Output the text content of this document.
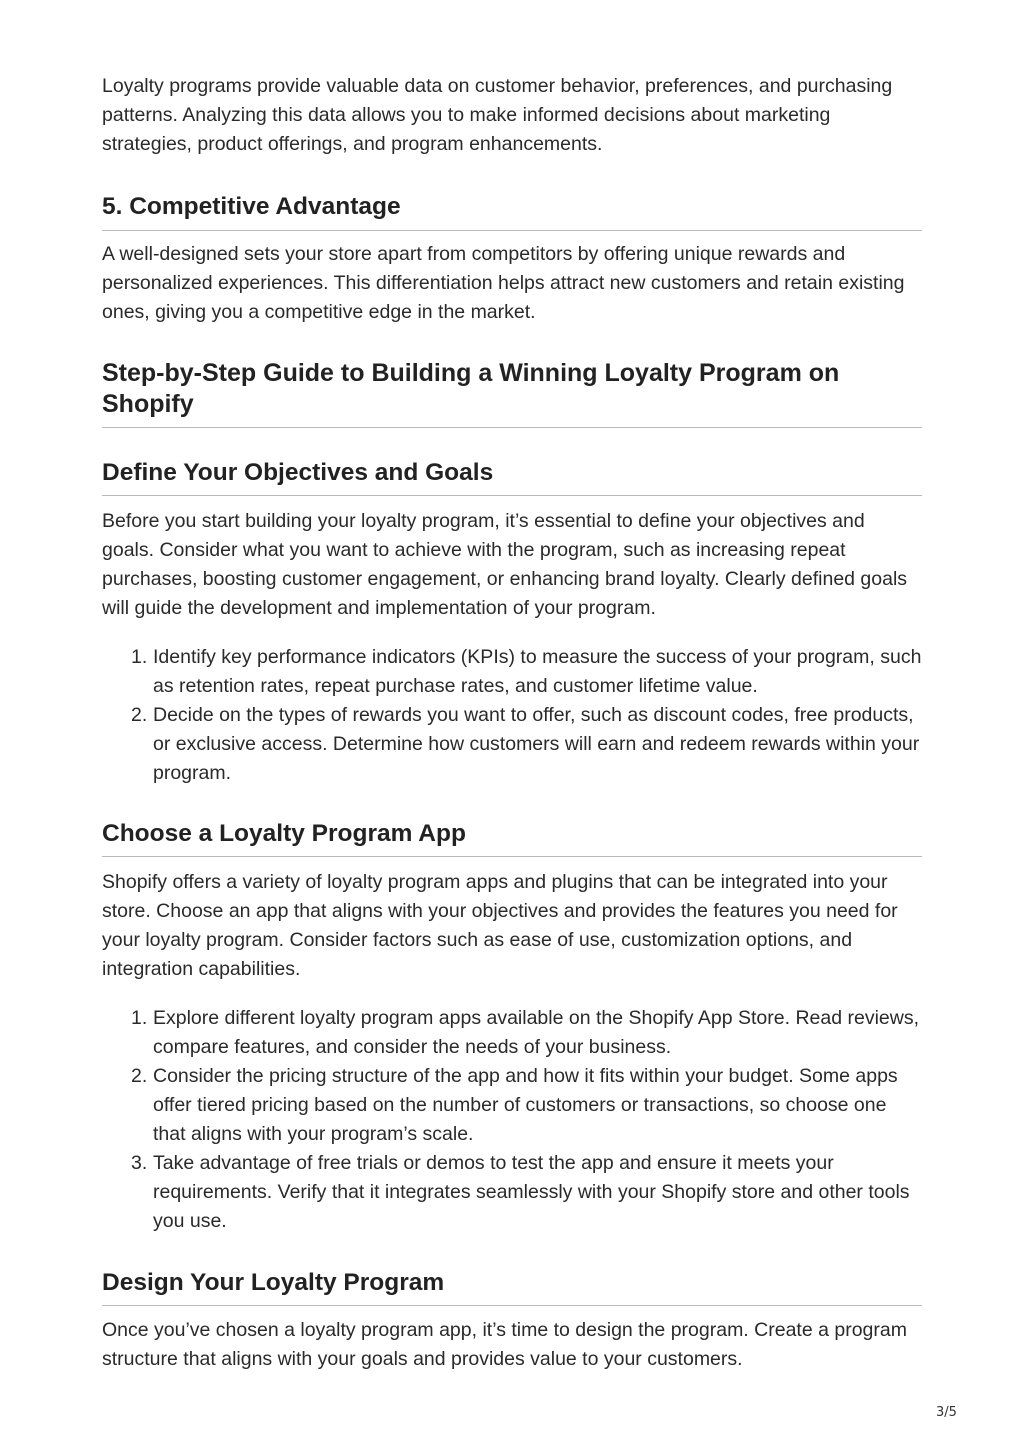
Loyalty programs provide valuable data on customer behavior, preferences, and purchasing patterns. Analyzing this data allows you to make informed decisions about marketing strategies, product offerings, and program enhancements.

5. Competitive Advantage

A well-designed sets your store apart from competitors by offering unique rewards and personalized experiences. This differentiation helps attract new customers and retain existing ones, giving you a competitive edge in the market.

Step-by-Step Guide to Building a Winning Loyalty Program on Shopify
Define Your Objectives and Goals

Before you start building your loyalty program, it’s essential to define your objectives and goals. Consider what you want to achieve with the program, such as increasing repeat purchases, boosting customer engagement, or enhancing brand loyalty. Clearly defined goals will guide the development and implementation of your program.

1. Identify key performance indicators (KPIs) to measure the success of your program, such as retention rates, repeat purchase rates, and customer lifetime value.
2. Decide on the types of rewards you want to offer, such as discount codes, free products, or exclusive access. Determine how customers will earn and redeem rewards within your program.
Choose a Loyalty Program App

Shopify offers a variety of loyalty program apps and plugins that can be integrated into your store. Choose an app that aligns with your objectives and provides the features you need for your loyalty program. Consider factors such as ease of use, customization options, and integration capabilities.

1. Explore different loyalty program apps available on the Shopify App Store. Read reviews, compare features, and consider the needs of your business.
2. Consider the pricing structure of the app and how it fits within your budget. Some apps offer tiered pricing based on the number of customers or transactions, so choose one that aligns with your program’s scale.
3. Take advantage of free trials or demos to test the app and ensure it meets your requirements. Verify that it integrates seamlessly with your Shopify store and other tools you use.
Design Your Loyalty Program

Once you’ve chosen a loyalty program app, it’s time to design the program. Create a program structure that aligns with your goals and provides value to your customers.

3/5
